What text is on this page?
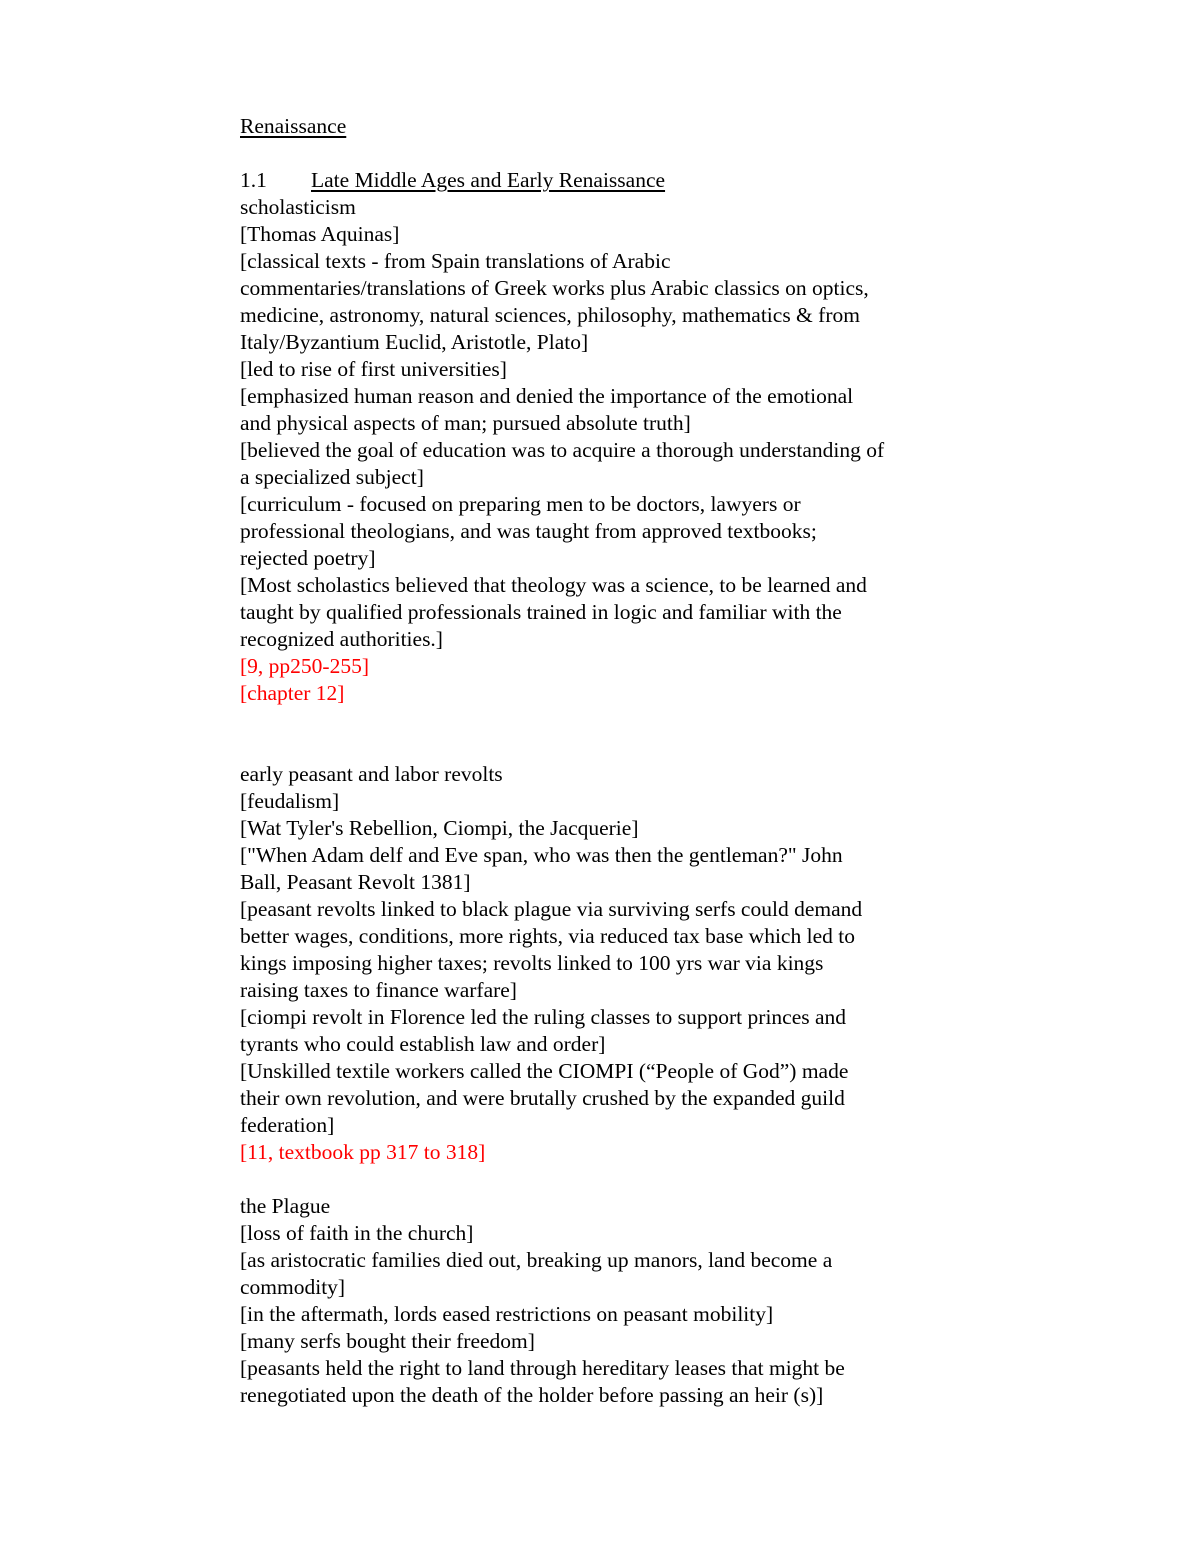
Renaissance
1.1 Late Middle Ages and Early Renaissance
scholasticism
[Thomas Aquinas]
[classical texts - from Spain translations of Arabic
commentaries/translations of Greek works plus Arabic classics on optics,
medicine, astronomy, natural sciences, philosophy, mathematics & from
Italy/Byzantium Euclid, Aristotle, Plato]
[led to rise of first universities]
[emphasized human reason and denied the importance of the emotional
and physical aspects of man; pursued absolute truth]
[believed the goal of education was to acquire a thorough understanding of
a specialized subject]
[curriculum - focused on preparing men to be doctors, lawyers or
professional theologians, and was taught from approved textbooks;
rejected poetry]
[Most scholastics believed that theology was a science, to be learned and
taught by qualified professionals trained in logic and familiar with the
recognized authorities.]
[9, pp250-255]
[chapter 12]
early peasant and labor revolts
[feudalism]
[Wat Tyler's Rebellion, Ciompi, the Jacquerie]
["When Adam delf and Eve span, who was then the gentleman?" John
Ball, Peasant Revolt 1381]
[peasant revolts linked to black plague via surviving serfs could demand
better wages, conditions, more rights, via reduced tax base which led to
kings imposing higher taxes; revolts linked to 100 yrs war via kings
raising taxes to finance warfare]
[ciompi revolt in Florence led the ruling classes to support princes and
tyrants who could establish law and order]
[Unskilled textile workers called the CIOMPI (“People of God”) made
their own revolution, and were brutally crushed by the expanded guild
federation]
[11, textbook pp 317 to 318]
the Plague
[loss of faith in the church]
[as aristocratic families died out, breaking up manors, land become a
commodity]
[in the aftermath, lords eased restrictions on peasant mobility]
[many serfs bought their freedom]
[peasants held the right to land through hereditary leases that might be
renegotiated upon the death of the holder before passing an heir (s)]
